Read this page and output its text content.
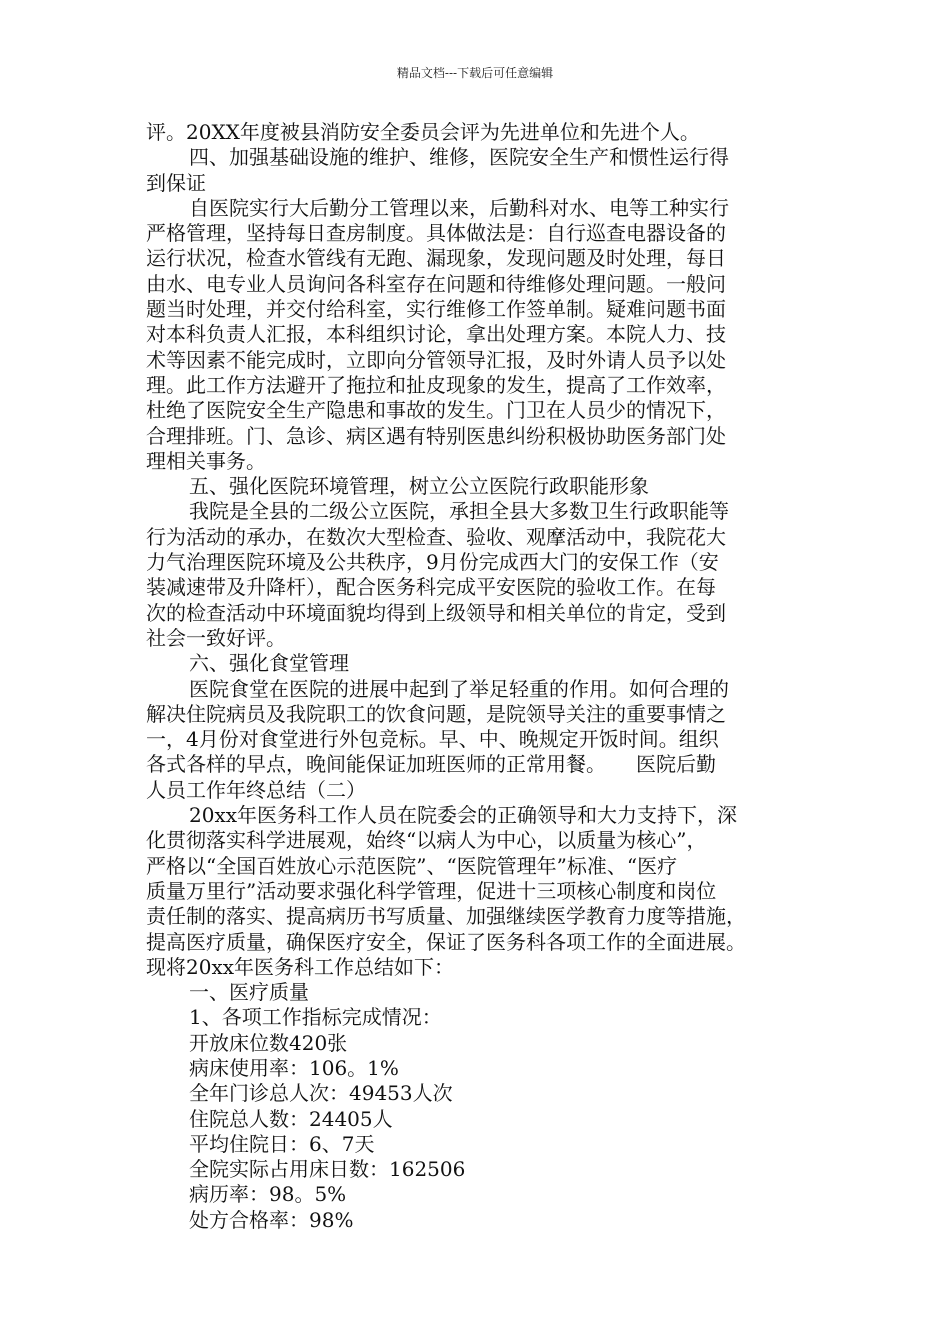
精品文档---下载后可任意编辑
评。20XX年度被县消防安全委员会评为先进单位和先进个人。
四、加强基础设施的维护、维修，医院安全生产和惯性运行得
到保证
自医院实行大后勤分工管理以来，后勤科对水、电等工种实行
严格管理，坚持每日查房制度。具体做法是：自行巡查电器设备的
运行状况，检查水管线有无跑、漏现象，发现问题及时处理，每日
由水、电专业人员询问各科室存在问题和待维修处理问题。一般问
题当时处理，并交付给科室，实行维修工作签单制。疑难问题书面
对本科负责人汇报，本科组织讨论，拿出处理方案。本院人力、技
术等因素不能完成时，立即向分管领导汇报，及时外请人员予以处
理。此工作方法避开了拖拉和扯皮现象的发生，提高了工作效率，
杜绝了医院安全生产隐患和事故的发生。门卫在人员少的情况下，
合理排班。门、急诊、病区遇有特别医患纠纷积极协助医务部门处
理相关事务。
五、强化医院环境管理，树立公立医院行政职能形象
我院是全县的二级公立医院，承担全县大多数卫生行政职能等
行为活动的承办，在数次大型检查、验收、观摩活动中，我院花大
力气治理医院环境及公共秩序，9月份完成西大门的安保工作（安
装减速带及升降杆），配合医务科完成平安医院的验收工作。在每
次的检查活动中环境面貌均得到上级领导和相关单位的肯定，受到
社会一致好评。
六、强化食堂管理
医院食堂在医院的进展中起到了举足轻重的作用。如何合理的
解决住院病员及我院职工的饮食问题，是院领导关注的重要事情之
一，4月份对食堂进行外包竞标。早、中、晚规定开饭时间。组织
各式各样的早点，晚间能保证加班医师的正常用餐。　　医院后勤
人员工作年终总结（二）
20xx年医务科工作人员在院委会的正确领导和大力支持下，深
化贯彻落实科学进展观，始终“以病人为中心，以质量为核心”，
严格以“全国百姓放心示范医院”、“医院管理年”标准、“医疗
质量万里行”活动要求强化科学管理，促进十三项核心制度和岗位
责任制的落实、提高病历书写质量、加强继续医学教育力度等措施，
提高医疗质量，确保医疗安全，保证了医务科各项工作的全面进展。
现将20xx年医务科工作总结如下：
一、医疗质量
1、各项工作指标完成情况：
开放床位数420张
病床使用率：106。1%
全年门诊总人次：49453人次
住院总人数：24405人
平均住院日：6、7天
全院实际占用床日数：162506
病历率：98。5%
处方合格率：98%
